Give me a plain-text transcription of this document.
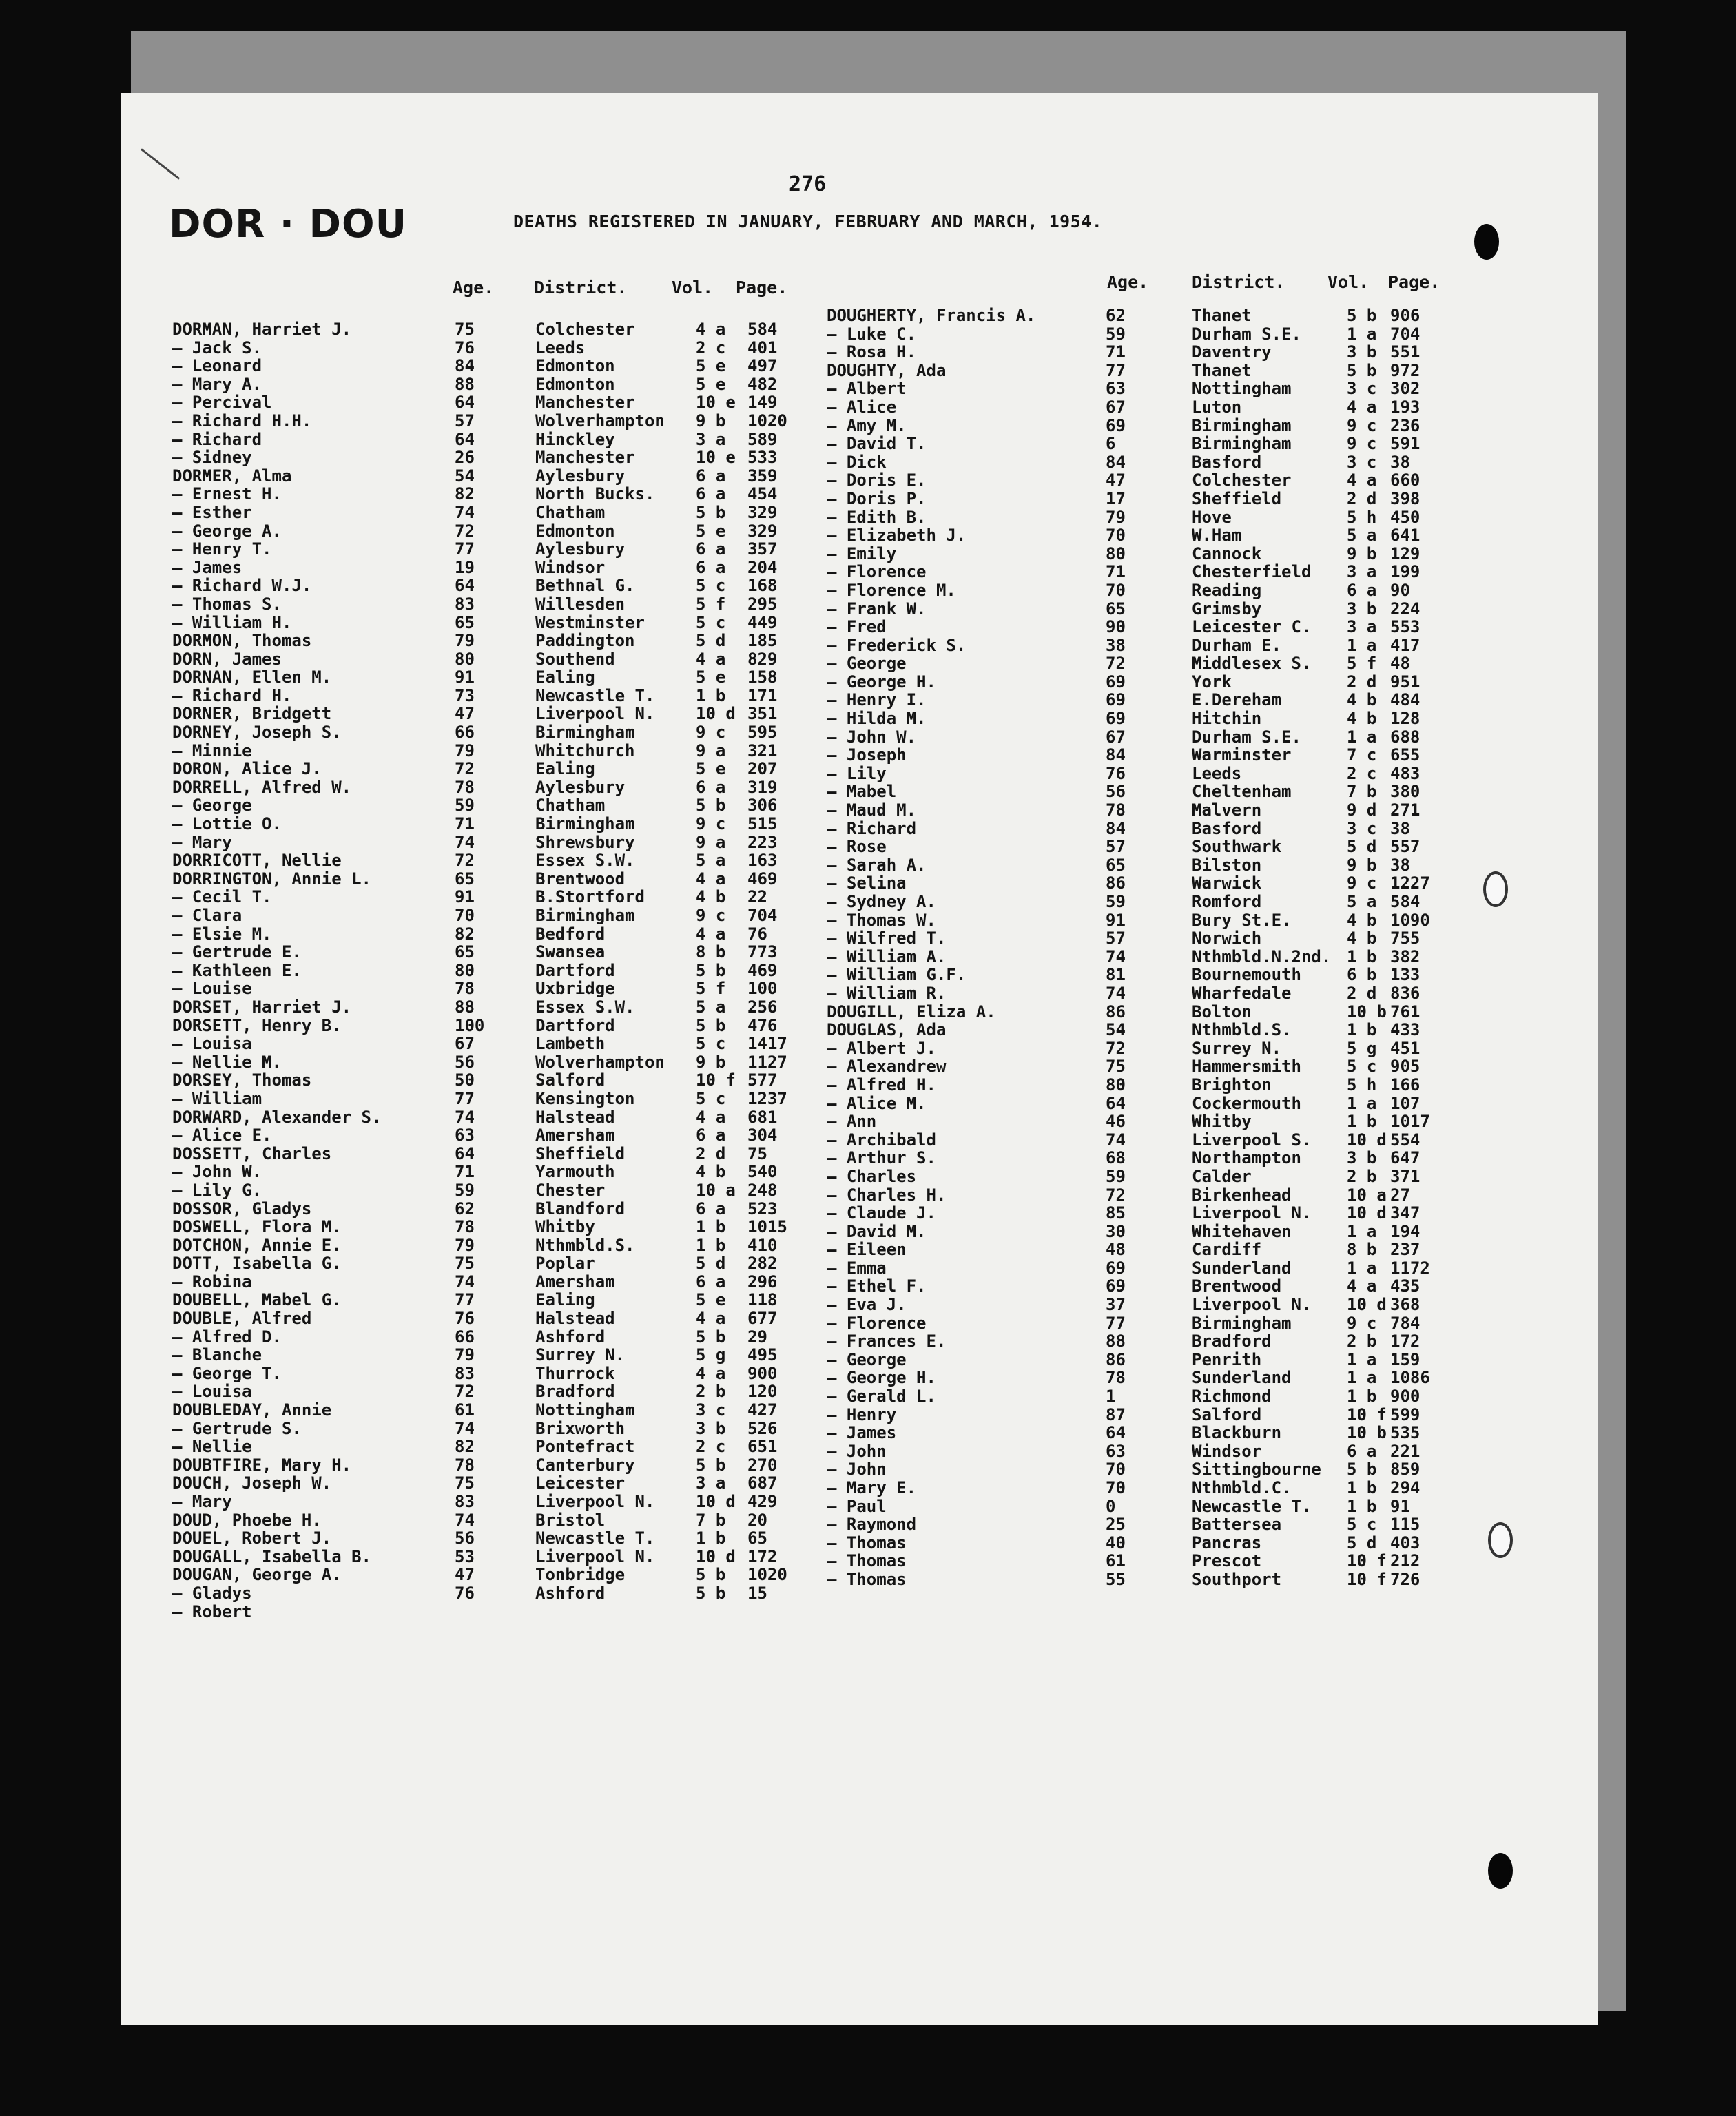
276
DOR · DOU	DEATHS REGISTERED IN JANUARY, FEBRUARY AND MARCH, 1954.
Age. District.	Vol. Page.	Age.	District. Vol. Page.
DORMAN, Harriet J.	75	Colchester	4 a 584
— Jack S.	76	Leeds	2 c 401
— Leonard	84	Edmonton	5 e 497
— Mary A.	88	Edmonton	5 e 482
— Percival	64	Manchester	10 e 149
— Richard H.H.	57	Wolverhampton 9 b 1020
— Richard	64	Hinckley	3 a 589
— Sidney	26	Manchester	10 e 533
DORMER, Alma	54	Aylesbury	6 a 359
— Ernest H.	82	North Bucks. 6 a 454
— Esther	74	Chatham	5 b 329
— George A.	72	Edmonton	5 e 329
— Henry T.	77	Aylesbury	6 a 357
— James	19	Windsor	6 a 204
— Richard W.J.	64	Bethnal G.	5 c 168
— Thomas S.	83	Willesden	5 f 295
— William H.	65	Westminster	5 c 449
DORMON, Thomas	79	Paddington	5 d 185
DORN, James	80	Southend	4 a 829
DORNAN, Ellen M.	91	Ealing	5 e 158
— Richard H.	73	Newcastle T. 1 b 171
DORNER, Bridgett	47	Liverpool N. 10 d 351
DORNEY, Joseph S.	66	Birmingham	9 c 595
— Minnie	79	Whitchurch	9 a 321
DORON, Alice J.	72	Ealing	5 e 207
DORRELL, Alfred W.	78	Aylesbury	6 a 319
— George	59	Chatham	5 b 306
— Lottie O.	71	Birmingham	9 c 515
— Mary	74	Shrewsbury	9 a 223
DORRICOTT, Nellie	72	Essex S.W.	5 a 163
DORRINGTON, Annie L.	65	Brentwood	4 a 469
— Cecil T.	91	B.Stortford	4 b 22
— Clara	70	Birmingham	9 c 704
— Elsie M.	82	Bedford	4 a 76
— Gertrude E.	65	Swansea	8 b 773
— Kathleen E.	80	Dartford	5 b 469
— Louise	78	Uxbridge	5 f 100
DORSET, Harriet J.	88	Essex S.W.	5 a 256
DORSETT, Henry B.	100	Dartford	5 b 476
— Louisa	67	Lambeth	5 c 1417
— Nellie M.	56	Wolverhampton 9 b 1127
DORSEY, Thomas	50	Salford	10 f 577
— William	77	Kensington	5 c 1237
DORWARD, Alexander S.	74	Halstead	4 a 681
— Alice E.	63	Amersham	6 a 304
DOSSETT, Charles	64	Sheffield	2 d 75
— John W.	71	Yarmouth	4 b 540
— Lily G.	59	Chester	10 a 248
DOSSOR, Gladys	62	Blandford	6 a 523
DOSWELL, Flora M.	78	Whitby	1 b 1015
DOTCHON, Annie E.	79	Nthmbld.S.	1 b 410
DOTT, Isabella G.	75	Poplar	5 d 282
— Robina	74	Amersham	6 a 296
DOUBELL, Mabel G.	77	Ealing	5 e 118
DOUBLE, Alfred	76	Halstead	4 a 677
— Alfred D.	66	Ashford	5 b 29
— Blanche	79	Surrey N.	5 g 495
— George T.	83	Thurrock	4 a 900
— Louisa	72	Bradford	2 b 120
DOUBLEDAY, Annie	61	Nottingham	3 c 427
— Gertrude S.	74	Brixworth	3 b 526
— Nellie	82	Pontefract	2 c 651
DOUBTFIRE, Mary H.	78	Canterbury	5 b 270
DOUCH, Joseph W.	75	Leicester	3 a 687
— Mary	83	Liverpool N. 10 d 429
DOUD, Phoebe H.	74	Bristol	7 b 20
DOUEL, Robert J.	56	Newcastle T. 1 b 65
DOUGALL, Isabella B.	53	Liverpool N. 10 d 172
DOUGAN, George A.	47	Tonbridge	5 b 1020
— Gladys	76	Ashford	5 b 15
— Robert
DOUGHERTY, Francis A.	62	Thanet	5 b 906
— Luke C.	59	Durham S.E.	1 a 704
— Rosa H.	71	Daventry	3 b 551
DOUGHTY, Ada	77	Thanet	5 b 972
— Albert	63	Nottingham	3 c 302
— Alice	67	Luton	4 a 193
— Amy M.	69	Birmingham	9 c 236
— David T.	6	Birmingham	9 c 591
— Dick	84	Basford	3 c 38
— Doris E.	47	Colchester	4 a 660
— Doris P.	17	Sheffield	2 d 398
— Edith B.	79	Hove	5 h 450
— Elizabeth J.	70	W.Ham	5 a 641
— Emily	80	Cannock	9 b 129
— Florence	71	Chesterfield 3 a 199
— Florence M.	70	Reading	6 a 90
— Frank W.	65	Grimsby	3 b 224
— Fred	90	Leicester C. 3 a 553
— Frederick S.	38	Durham E.	1 a 417
— George	72	Middlesex S. 5 f 48
— George H.	69	York	2 d 951
— Henry I.	69	E.Dereham	4 b 484
— Hilda M.	69	Hitchin	4 b 128
— John W.	67	Durham S.E.	1 a 688
— Joseph	84	Warminster	7 c 655
— Lily	76	Leeds	2 c 483
— Mabel	56	Cheltenham	7 b 380
— Maud M.	78	Malvern	9 d 271
— Richard	84	Basford	3 c 38
— Rose	57	Southwark	5 d 557
— Sarah A.	65	Bilston	9 b 38
— Selina	86	Warwick	9 c 1227
— Sydney A.	59	Romford	5 a 584
— Thomas W.	91	Bury St.E.	4 b 1090
— Wilfred T.	57	Norwich	4 b 755
— William A.	74	Nthmbld.N.2nd. 1 b 382
— William G.F.	81	Bournemouth	6 b 133
— William R.	74	Wharfedale	2 d 836
DOUGILL, Eliza A.	86	Bolton	10 b 761
DOUGLAS, Ada	54	Nthmbld.S.	1 b 433
— Albert J.	72	Surrey N.	5 g 451
— Alexandrew	75	Hammersmith	5 c 905
— Alfred H.	80	Brighton	5 h 166
— Alice M.	64	Cockermouth	1 a 107
— Ann	46	Whitby	1 b 1017
— Archibald	74	Liverpool S. 10 d 554
— Arthur S.	68	Northampton	3 b 647
— Charles	59	Calder	2 b 371
— Charles H.	72	Birkenhead	10 a 27
— Claude J.	85	Liverpool N. 10 d 347
— David M.	30	Whitehaven	1 a 194
— Eileen	48	Cardiff	8 b 237
— Emma	69	Sunderland	1 a 1172
— Ethel F.	69	Brentwood	4 a 435
— Eva J.	37	Liverpool N. 10 d 368
— Florence	77	Birmingham	9 c 784
— Frances E.	88	Bradford	2 b 172
— George	86	Penrith	1 a 159
— George H.	78	Sunderland	1 a 1086
— Gerald L.	1	Richmond	1 b 900
— Henry	87	Salford	10 f 599
— James	64	Blackburn	10 b 535
— John	63	Windsor	6 a 221
— John	70	Sittingbourne 5 b 859
— Mary E.	70	Nthmbld.C.	1 b 294
— Paul	0	Newcastle T. 1 b 91
— Raymond	25	Battersea	5 c 115
— Thomas	40	Pancras	5 d 403
— Thomas	61	Prescot	10 f 212
— Thomas	55	Southport	10 f 726
